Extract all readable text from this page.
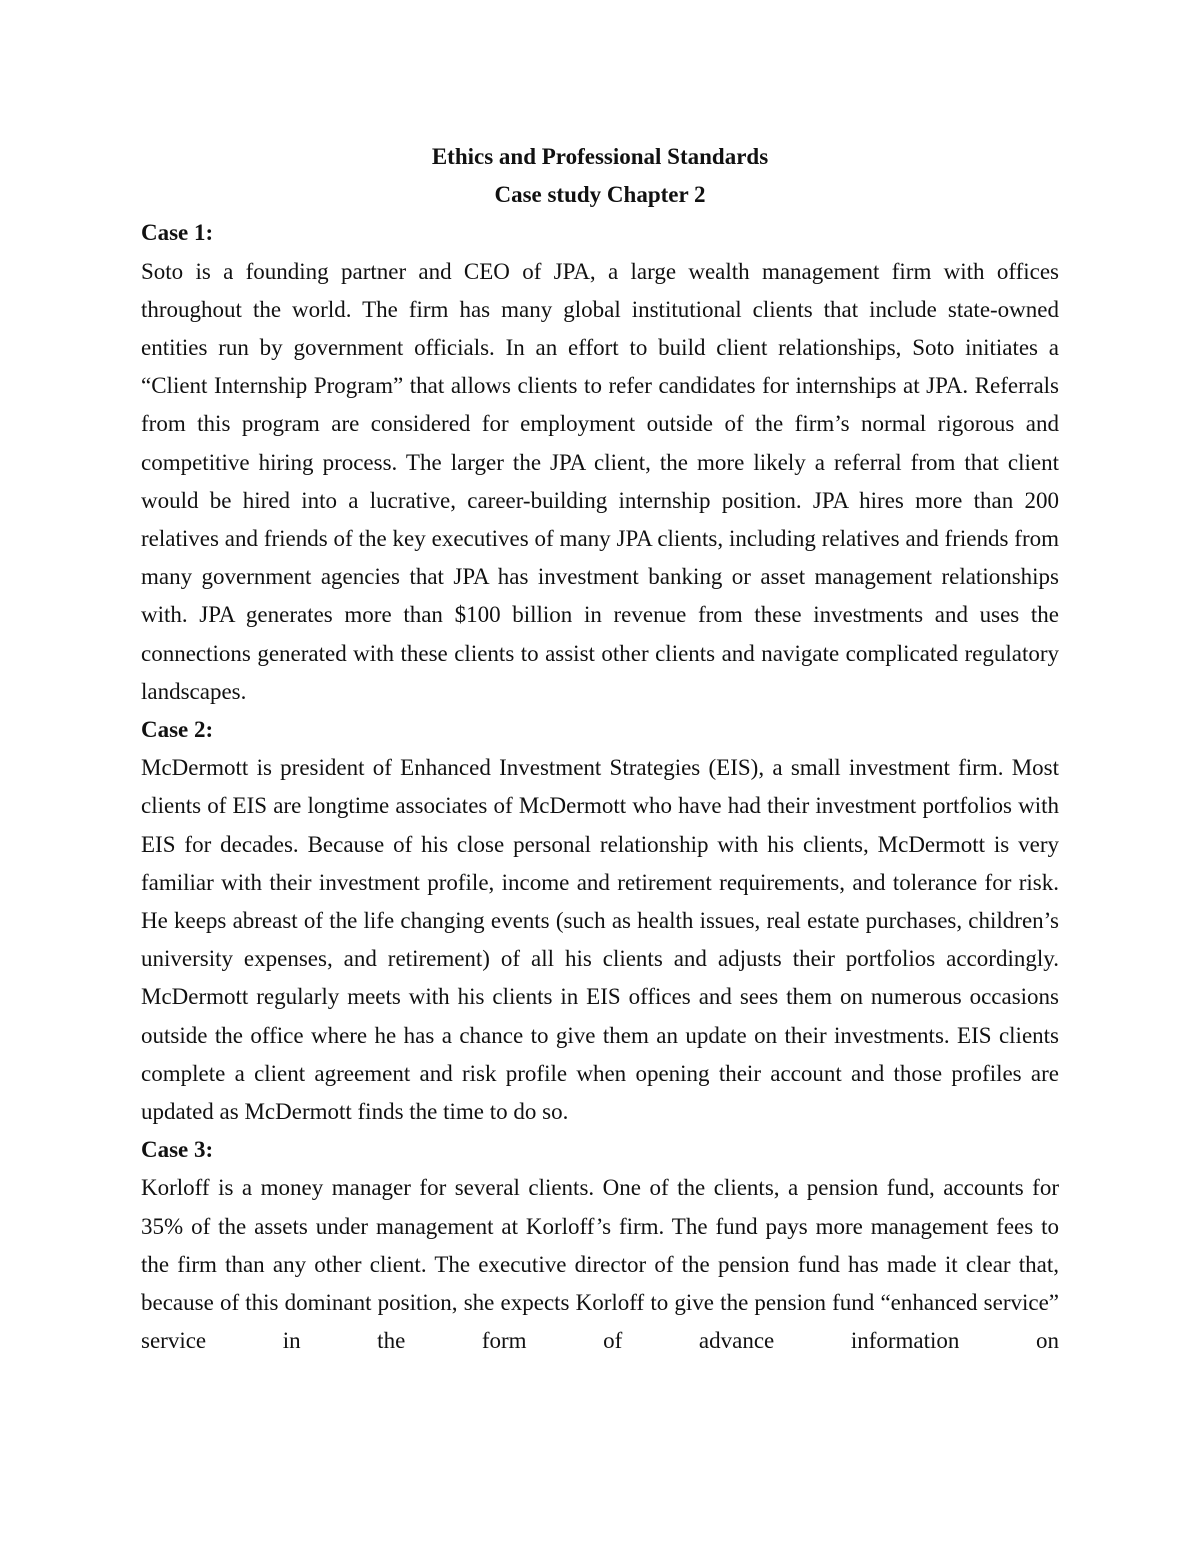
Ethics and Professional Standards

Case study Chapter 2

Case 1:

Soto is a founding partner and CEO of JPA, a large wealth management firm with offices throughout the world. The firm has many global institutional clients that include state-owned entities run by government officials. In an effort to build client relationships, Soto initiates a “Client Internship Program” that allows clients to refer candidates for internships at JPA. Referrals from this program are considered for employment outside of the firm’s normal rigorous and competitive hiring process. The larger the JPA client, the more likely a referral from that client would be hired into a lucrative, career-building internship position. JPA hires more than 200 relatives and friends of the key executives of many JPA clients, including relatives and friends from many government agencies that JPA has investment banking or asset management relationships with. JPA generates more than $100 billion in revenue from these investments and uses the connections generated with these clients to assist other clients and navigate complicated regulatory landscapes.

Case 2:

McDermott is president of Enhanced Investment Strategies (EIS), a small investment firm. Most clients of EIS are longtime associates of McDermott who have had their investment portfolios with EIS for decades. Because of his close personal relationship with his clients, McDermott is very familiar with their investment profile, income and retirement requirements, and tolerance for risk. He keeps abreast of the life changing events (such as health issues, real estate purchases, children’s university expenses, and retirement) of all his clients and adjusts their portfolios accordingly. McDermott regularly meets with his clients in EIS offices and sees them on numerous occasions outside the office where he has a chance to give them an update on their investments. EIS clients complete a client agreement and risk profile when opening their account and those profiles are updated as McDermott finds the time to do so.

Case 3:

Korloff is a money manager for several clients. One of the clients, a pension fund, accounts for 35% of the assets under management at Korloff’s firm. The fund pays more management fees to the firm than any other client. The executive director of the pension fund has made it clear that, because of this dominant position, she expects Korloff to give the pension fund “enhanced service” service in the form of advance information on
